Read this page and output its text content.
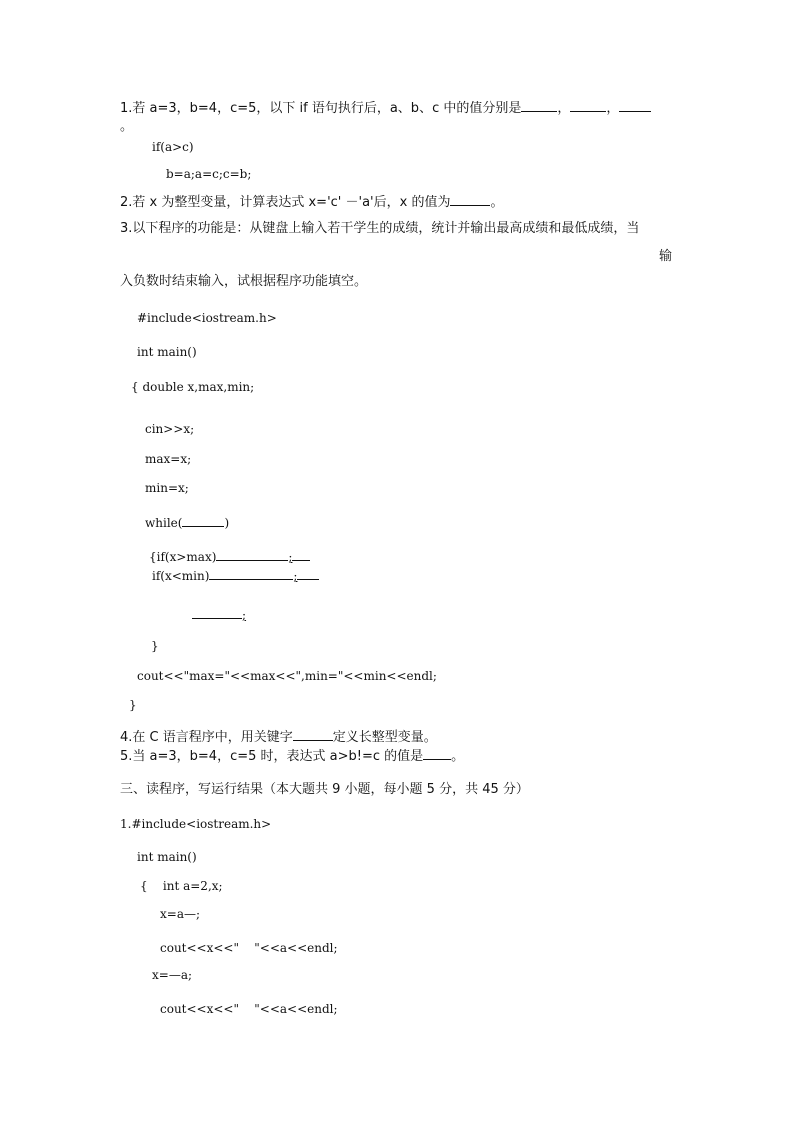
1.若 a=3，b=4，c=5，以下 if 语句执行后，a、b、c 中的值分别是	，	，
。
if(a>c)
b=a;a=c;c=b;
2.若 x 为整型变量，计算表达式 x='c' －'a'后，x 的值为	。
3.以下程序的功能是：从键盘上输入若干学生的成绩，统计并输出最高成绩和最低成绩，当
输
入负数时结束输入，试根据程序功能填空。
#include<iostream.h>
int main()
{ double x,max,min;
cin>>x;
max=x;
min=x;
while(	)
{if(x>max)	;
if(x<min)	;
;
}
cout<<"max="<<max<<",min="<<min<<endl;
}
4.在 C 语言程序中，用关键字	定义长整型变量。
5.当 a=3，b=4，c=5 时，表达式 a>b!=c 的值是 。
三、读程序，写运行结果（本大题共 9 小题，每小题 5 分，共 45 分）
1.#include<iostream.h>
int main()
{    int a=2,x;
x=a—;
cout<<x<<"    "<<a<<endl;
x=—a;
cout<<x<<"    "<<a<<endl;
